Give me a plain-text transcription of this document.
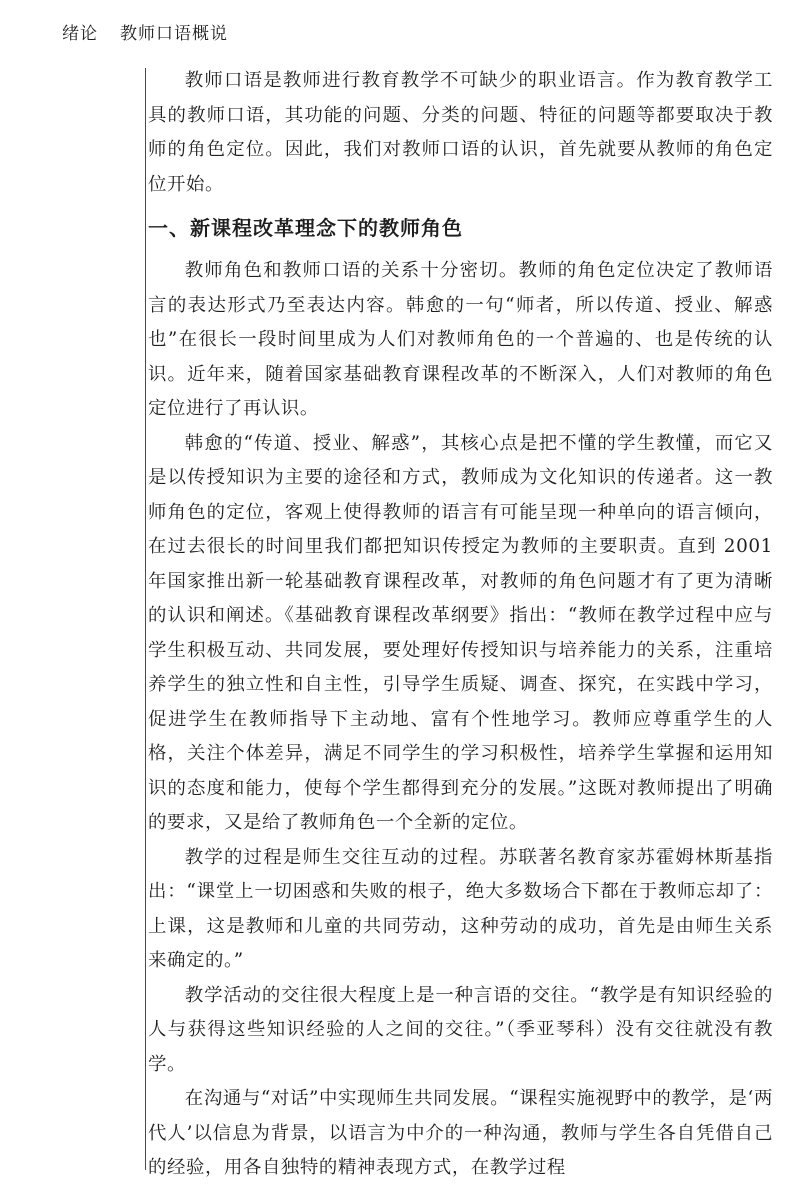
绪论 教师口语概说

教师口语是教师进行教育教学不可缺少的职业语言。作为教育教学工具的教师口语，其功能的问题、分类的问题、特征的问题等都要取决于教师的角色定位。因此，我们对教师口语的认识，首先就要从教师的角色定位开始。

一、新课程改革理念下的教师角色

教师角色和教师口语的关系十分密切。教师的角色定位决定了教师语言的表达形式乃至表达内容。韩愈的一句“师者，所以传道、授业、解惑也”在很长一段时间里成为人们对教师角色的一个普遍的、也是传统的认识。近年来，随着国家基础教育课程改革的不断深入，人们对教师的角色定位进行了再认识。

韩愈的“传道、授业、解惑”，其核心点是把不懂的学生教懂，而它又是以传授知识为主要的途径和方式，教师成为文化知识的传递者。这一教师角色的定位，客观上使得教师的语言有可能呈现一种单向的语言倾向，在过去很长的时间里我们都把知识传授定为教师的主要职责。直到 2001年国家推出新一轮基础教育课程改革，对教师的角色问题才有了更为清晰的认识和阐述。《基础教育课程改革纲要》指出：“教师在教学过程中应与学生积极互动、共同发展，要处理好传授知识与培养能力的关系，注重培养学生的独立性和自主性，引导学生质疑、调查、探究，在实践中学习，促进学生在教师指导下主动地、富有个性地学习。教师应尊重学生的人格，关注个体差异，满足不同学生的学习积极性，培养学生掌握和运用知识的态度和能力，使每个学生都得到充分的发展。”这既对教师提出了明确的要求，又是给了教师角色一个全新的定位。

教学的过程是师生交往互动的过程。苏联著名教育家苏霍姆林斯基指出：“课堂上一切困惑和失败的根子，绝大多数场合下都在于教师忘却了：上课，这是教师和儿童的共同劳动，这种劳动的成功，首先是由师生关系来确定的。”

教学活动的交往很大程度上是一种言语的交往。“教学是有知识经验的人与获得这些知识经验的人之间的交往。”（季亚琴科）没有交往就没有教学。

在沟通与“对话”中实现师生共同发展。“课程实施视野中的教学，是‘两代人’以信息为背景，以语言为中介的一种沟通，教师与学生各自凭借自己的经验，用各自独特的精神表现方式，在教学过程
